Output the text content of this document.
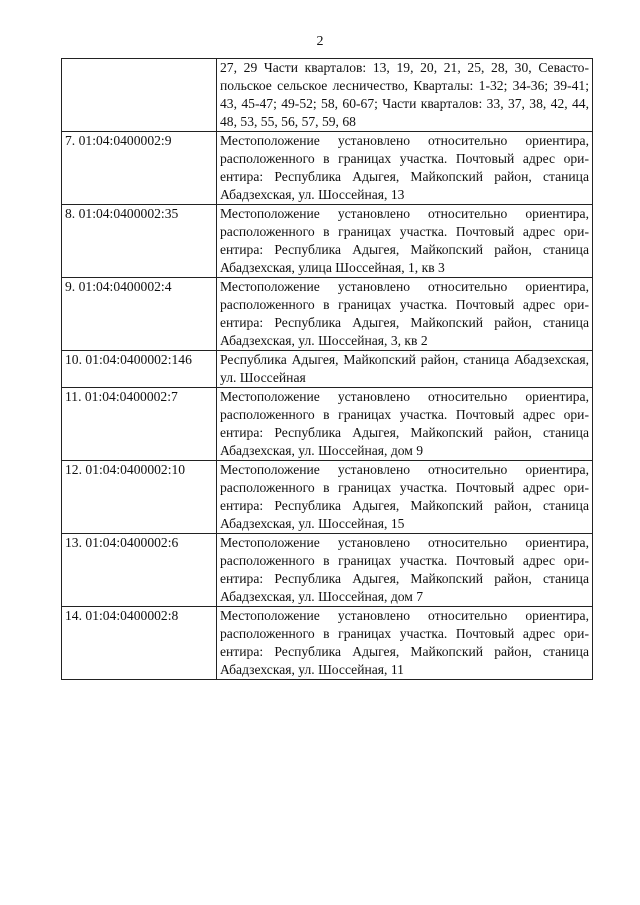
2
	27, 29 Части кварталов: 13, 19, 20, 21, 25, 28, 30, Севастопольское сельское лесничество, Кварталы: 1-32; 34-36; 39-41; 43, 45-47; 49-52; 58, 60-67; Части кварталов: 33, 37, 38, 42, 44, 48, 53, 55, 56, 57, 59, 68
7. 01:04:0400002:9	Местоположение установлено относительно ориентира, расположенного в границах участка. Почтовый адрес ориентира: Республика Адыгея, Майкопский район, станица Абадзехская, ул. Шоссейная, 13
8. 01:04:0400002:35	Местоположение установлено относительно ориентира, расположенного в границах участка. Почтовый адрес ориентира: Республика Адыгея, Майкопский район, станица Абадзехская, улица Шоссейная, 1, кв 3
9. 01:04:0400002:4	Местоположение установлено относительно ориентира, расположенного в границах участка. Почтовый адрес ориентира: Республика Адыгея, Майкопский район, станица Абадзехская, ул. Шоссейная, 3, кв 2
10. 01:04:0400002:146	Республика Адыгея, Майкопский район, станица Абадзехская, ул. Шоссейная
11. 01:04:0400002:7	Местоположение установлено относительно ориентира, расположенного в границах участка. Почтовый адрес ориентира: Республика Адыгея, Майкопский район, станица Абадзехская, ул. Шоссейная, дом 9
12. 01:04:0400002:10	Местоположение установлено относительно ориентира, расположенного в границах участка. Почтовый адрес ориентира: Республика Адыгея, Майкопский район, станица Абадзехская, ул. Шоссейная, 15
13. 01:04:0400002:6	Местоположение установлено относительно ориентира, расположенного в границах участка. Почтовый адрес ориентира: Республика Адыгея, Майкопский район, станица Абадзехская, ул. Шоссейная, дом 7
14. 01:04:0400002:8	Местоположение установлено относительно ориентира, расположенного в границах участка. Почтовый адрес ориентира: Республика Адыгея, Майкопский район, станица Абадзехская, ул. Шоссейная, 11
